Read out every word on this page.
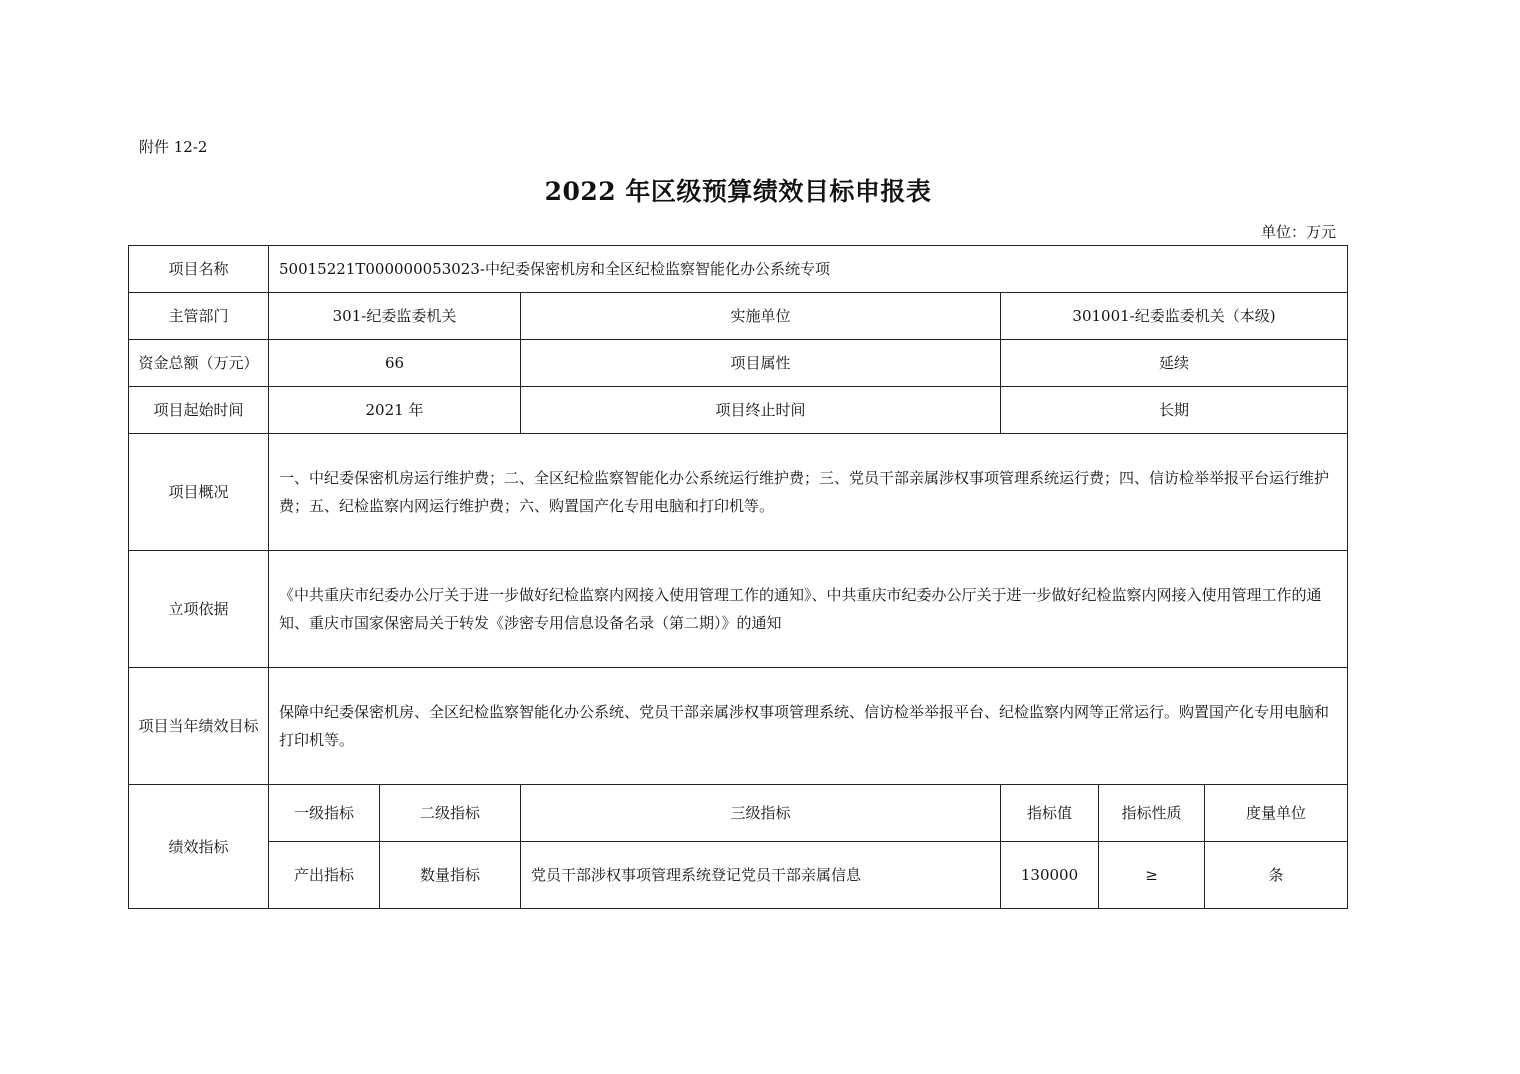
附件 12-2
2022 年区级预算绩效目标申报表
单位：万元
项目名称	50015221T000000053023-中纪委保密机房和全区纪检监察智能化办公系统专项						
主管部门	301-纪委监委机关		实施单位	301001-纪委监委机关（本级)			
资金总额（万元）	66		项目属性	延续			
项目起始时间	2021 年		项目终止时间	长期			
项目概况	一、中纪委保密机房运行维护费；二、全区纪检监察智能化办公系统运行维护费；三、党员干部亲属涉权事项管理系统运行费；四、信访检举举报平台运行维护费；五、纪检监察内网运行维护费；六、购置国产化专用电脑和打印机等。						
立项依据	《中共重庆市纪委办公厅关于进一步做好纪检监察内网接入使用管理工作的通知》、中共重庆市纪委办公厅关于进一步做好纪检监察内网接入使用管理工作的通知、重庆市国家保密局关于转发《涉密专用信息设备名录（第二期）》的通知						
项目当年绩效目标	保障中纪委保密机房、全区纪检监察智能化办公系统、党员干部亲属涉权事项管理系统、信访检举举报平台、纪检监察内网等正常运行。购置国产化专用电脑和打印机等。						
绩效指标	一级指标	二级指标	三级指标	指标值	指标性质	度量单位	
	产出指标	数量指标	党员干部涉权事项管理系统登记党员干部亲属信息	130000	≥	条	
